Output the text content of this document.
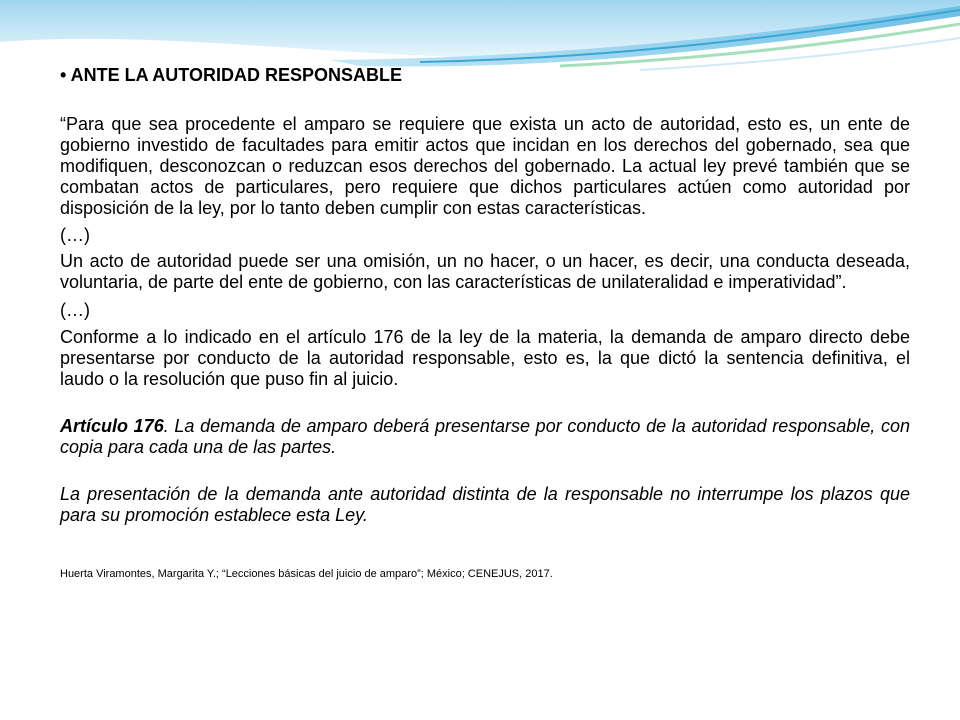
• ANTE LA AUTORIDAD RESPONSABLE

“Para que sea procedente el amparo se requiere que exista un acto de autoridad, esto es, un ente de gobierno investido de facultades para emitir actos que incidan en los derechos del gobernado, sea que modifiquen, desconozcan o reduzcan esos derechos del gobernado. La actual ley prevé también que se combatan actos de particulares, pero requiere que dichos particulares actúen como autoridad por disposición de la ley, por lo tanto deben cumplir con estas características.

(…)

Un acto de autoridad puede ser una omisión, un no hacer, o un hacer, es decir, una conducta deseada, voluntaria, de parte del ente de gobierno, con las características de unilateralidad e imperatividad”.

(…)

Conforme a lo indicado en el artículo 176 de la ley de la materia, la demanda de amparo directo debe presentarse por conducto de la autoridad responsable, esto es, la que dictó la sentencia definitiva, el laudo o la resolución que puso fin al juicio.

Artículo 176. La demanda de amparo deberá presentarse por conducto de la autoridad responsable, con copia para cada una de las partes.

La presentación de la demanda ante autoridad distinta de la responsable no interrumpe los plazos que para su promoción establece esta Ley.

Huerta Viramontes, Margarita Y.; “Lecciones básicas del juicio de amparo”; México; CENEJUS, 2017.
